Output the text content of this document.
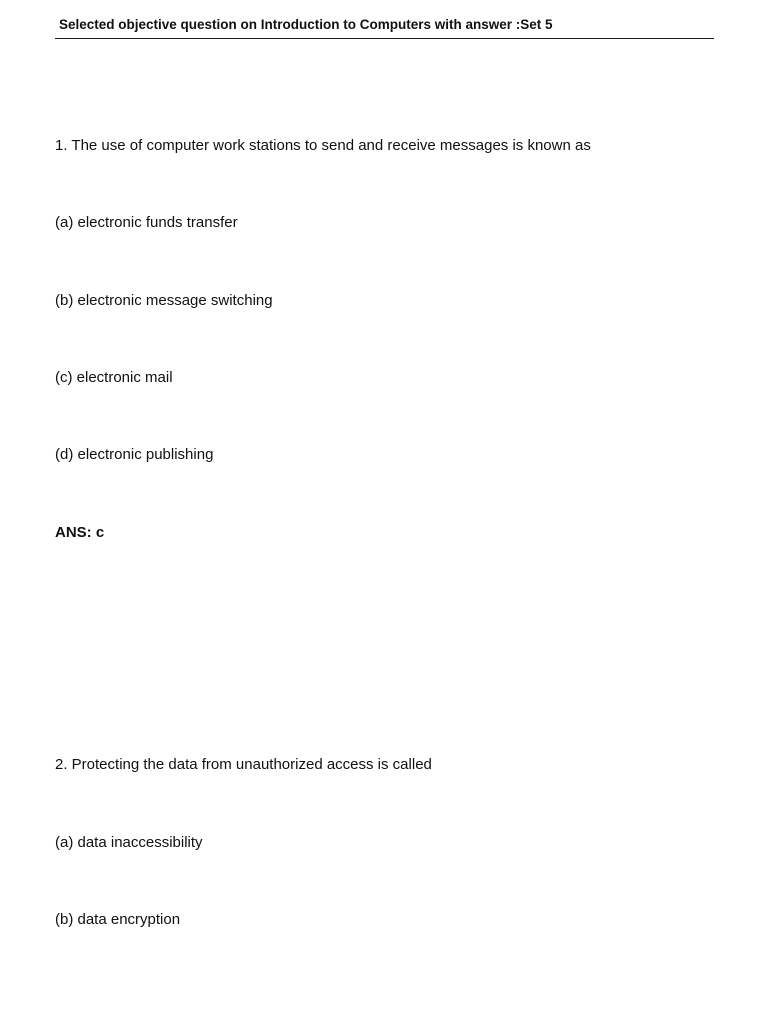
Selected objective question on Introduction to Computers with answer :Set 5
1. The use of computer work stations to send and receive messages is known as
(a) electronic funds transfer
(b) electronic message switching
(c) electronic mail
(d) electronic publishing
ANS: c
2. Protecting the data from unauthorized access is called
(a) data inaccessibility
(b) data encryption
